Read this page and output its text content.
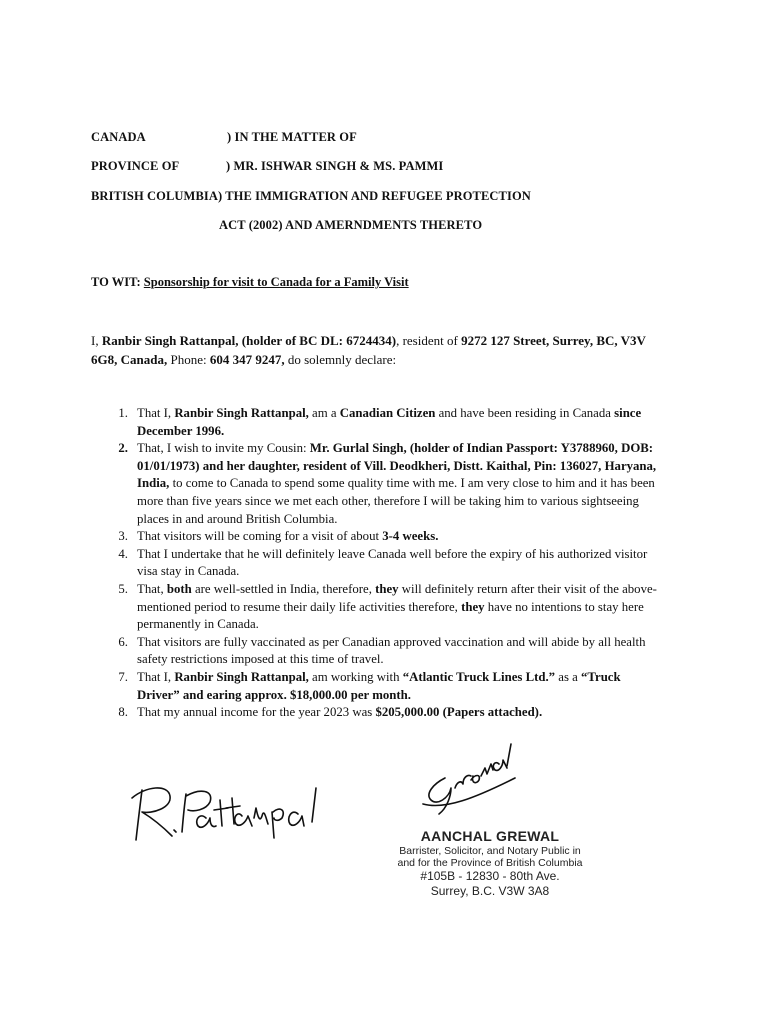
CANADA	) IN THE MATTER OF
PROVINCE OF	) MR. ISHWAR SINGH & MS. PAMMI
BRITISH COLUMBIA) THE IMMIGRATION AND REFUGEE PROTECTION
ACT (2002) AND AMERNDMENTS THERETO
TO WIT: Sponsorship for visit to Canada for a Family Visit
I, Ranbir Singh Rattanpal, (holder of BC DL: 6724434), resident of 9272 127 Street, Surrey, BC, V3V 6G8, Canada, Phone: 604 347 9247, do solemnly declare:
1. That I, Ranbir Singh Rattanpal, am a Canadian Citizen and have been residing in Canada since December 1996.
2. That, I wish to invite my Cousin: Mr. Gurlal Singh, (holder of Indian Passport: Y3788960, DOB: 01/01/1973) and her daughter, resident of Vill. Deodkheri, Distt. Kaithal, Pin: 136027, Haryana, India, to come to Canada to spend some quality time with me. I am very close to him and it has been more than five years since we met each other, therefore I will be taking him to various sightseeing places in and around British Columbia.
3. That visitors will be coming for a visit of about 3-4 weeks.
4. That I undertake that he will definitely leave Canada well before the expiry of his authorized visitor visa stay in Canada.
5. That, both are well-settled in India, therefore, they will definitely return after their visit of the above-mentioned period to resume their daily life activities therefore, they have no intentions to stay here permanently in Canada.
6. That visitors are fully vaccinated as per Canadian approved vaccination and will abide by all health safety restrictions imposed at this time of travel.
7. That I, Ranbir Singh Rattanpal, am working with “Atlantic Truck Lines Ltd.” as a “Truck Driver” and earing approx. $18,000.00 per month.
8. That my annual income for the year 2023 was $205,000.00 (Papers attached).
AANCHAL GREWAL
Barrister, Solicitor, and Notary Public in
and for the Province of British Columbia
#105B - 12830 - 80th Ave.
Surrey, B.C. V3W 3A8
